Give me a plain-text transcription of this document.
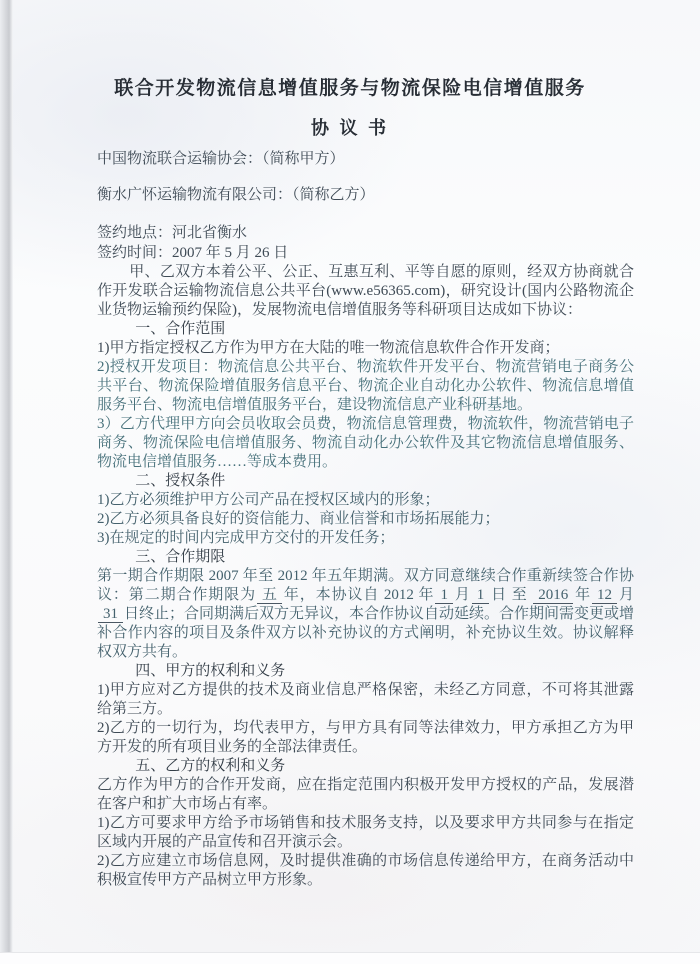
联合开发物流信息增值服务与物流保险电信增值服务
协 议 书
中国物流联合运输协会：（简称甲方）
衡水广怀运输物流有限公司：（简称乙方）
签约地点：河北省衡水
签约时间：2007 年 5 月 26 日

甲、乙双方本着公平、公正、互惠互利、平等自愿的原则，经双方协商就合作开发联合运输物流信息公共平台(www.e56365.com)，研究设计(国内公路物流企业货物运输预约保险)，发展物流电信增值服务等科研项目达成如下协议：

一、合作范围

1)甲方指定授权乙方作为甲方在大陆的唯一物流信息软件合作开发商；

2)授权开发项目：物流信息公共平台、物流软件开发平台、物流营销电子商务公共平台、物流保险增值服务信息平台、物流企业自动化办公软件、物流信息增值服务平台、物流电信增值服务平台，建设物流信息产业科研基地。

3）乙方代理甲方向会员收取会员费，物流信息管理费，物流软件，物流营销电子商务、物流保险电信增值服务、物流自动化办公软件及其它物流信息增值服务、物流电信增值服务……等成本费用。

二、授权条件

1)乙方必须维护甲方公司产品在授权区域内的形象；

2)乙方必须具备良好的资信能力、商业信誉和市场拓展能力；

3)在规定的时间内完成甲方交付的开发任务；

三、合作期限

第一期合作期限 2007 年至 2012 年五年期满。双方同意继续合作重新续签合作协议：第二期合作期限为 五 年，本协议自 2012 年 1 月 1 日 至 2016 年 12 月31 日终止；合同期满后双方无异议，本合作协议自动延续。合作期间需变更或增补合作内容的项目及条件双方以补充协议的方式阐明，补充协议生效。协议解释权双方共有。

四、甲方的权利和义务

1)甲方应对乙方提供的技术及商业信息严格保密，未经乙方同意，不可将其泄露给第三方。

2)乙方的一切行为，均代表甲方，与甲方具有同等法律效力，甲方承担乙方为甲方开发的所有项目业务的全部法律责任。

五、乙方的权利和义务

乙方作为甲方的合作开发商，应在指定范围内积极开发甲方授权的产品，发展潜在客户和扩大市场占有率。

1)乙方可要求甲方给予市场销售和技术服务支持，以及要求甲方共同参与在指定区域内开展的产品宣传和召开演示会。

2)乙方应建立市场信息网，及时提供准确的市场信息传递给甲方，在商务活动中积极宣传甲方产品树立甲方形象。
